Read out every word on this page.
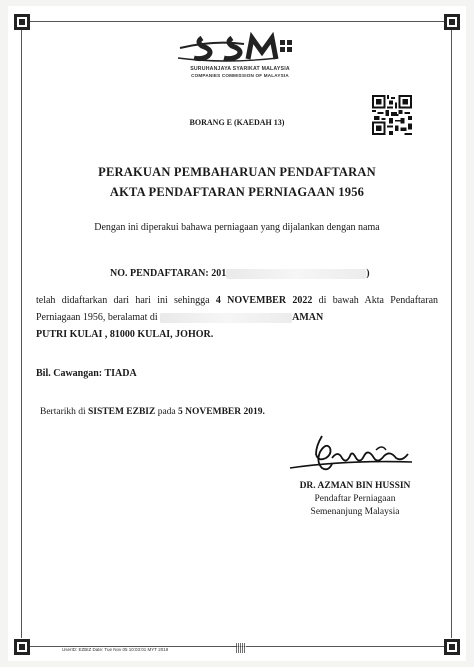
SURUHANJAYA SYARIKAT MALAYSIA
COMPANIES COMMISSION OF MALAYSIA
BORANG E (KAEDAH 13)
PERAKUAN PEMBAHARUAN PENDAFTARAN
AKTA PENDAFTARAN PERNIAGAAN 1956
Dengan ini diperakui bahawa perniagaan yang dijalankan dengan nama
NO. PENDAFTARAN: 201	)
telah didaftarkan dari hari ini sehingga 4 NOVEMBER 2022 di bawah Akta Pendaftaran Perniagaan 1956, beralamat di	AMAN
PUTRI KULAI , 81000 KULAI, JOHOR.
Bil. Cawangan: TIADA
Bertarikh di SISTEM EZBIZ pada 5 NOVEMBER 2019.
DR. AZMAN BIN HUSSIN
Pendaftar Perniagaan
Semenanjung Malaysia
UserID: EZBIZ Date: Tue Nov 05 10:03:01 MYT 2019
